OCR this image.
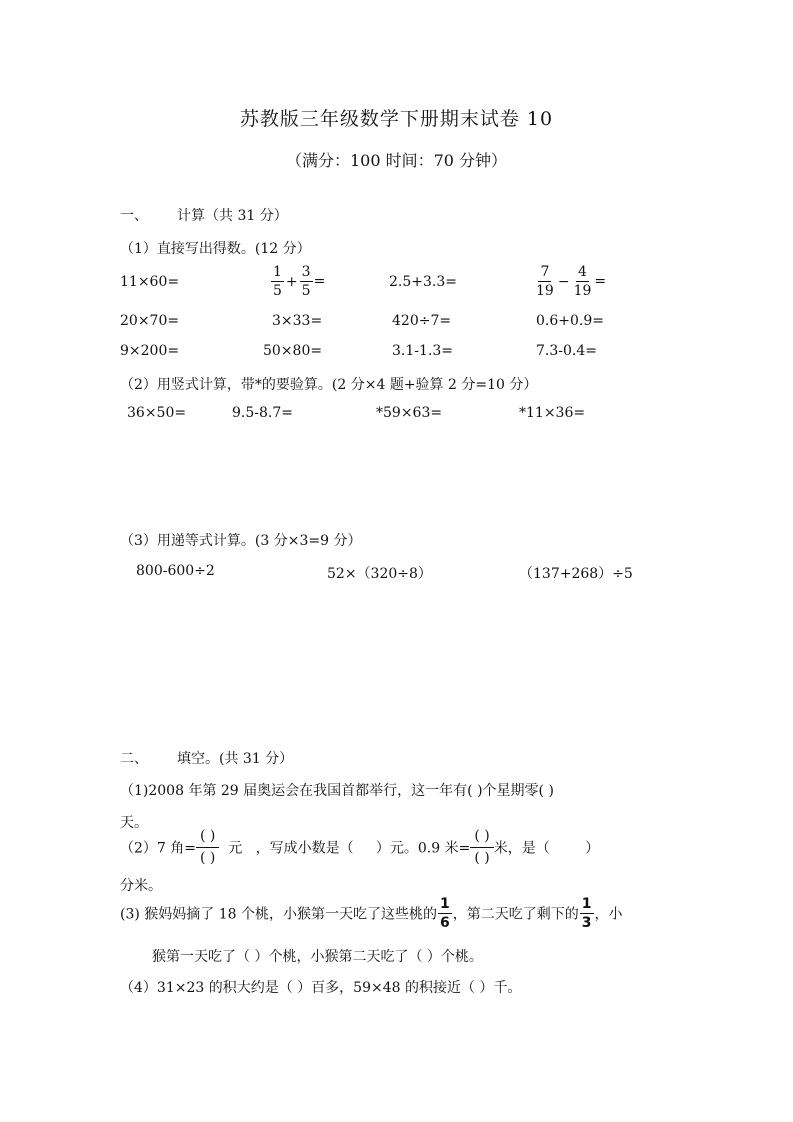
苏教版三年级数学下册期末试卷 10
（满分：100 时间：70 分钟）
一、 计算（共 31 分）
（1）直接写出得数。(12 分）
11×60=	$\frac{1}{5} + \frac{3}{5}$ =	2.5+3.3=	$\frac{7}{19} - \frac{4}{19}$ =
20×70=	3×33=	420÷7=	0.6+0.9=
9×200=	50×80=	3.1-1.3=	7.3-0.4=
（2）用竖式计算，带*的要验算。(2 分×4 题+验算 2 分=10 分）
36×50=	9.5-8.7=	*59×63=	*11×36=
（3）用递等式计算。(3 分×3=9 分）
800-600÷2	52×（320÷8）	（137+268）÷5
二、 填空。(共 31 分）
（1)2008 年第 29 届奥运会在我国首都举行，这一年有( )个星期零( )
天。
（2）7 角= $\frac{( )}{( )}$ 元   ，写成小数是（     ）元。0.9 米= $\frac{( )}{( )}$ 米，是（        ）
分米。
(3) 猴妈妈摘了 18 个桃，小猴第一天吃了这些桃的 $\frac{1}{6}$ ，第二天吃了剩下的 $\frac{1}{3}$ ，小
猴第一天吃了（ ）个桃，小猴第二天吃了（ ）个桃。
（4）31×23 的积大约是（ ）百多，59×48 的积接近（ ）千。
